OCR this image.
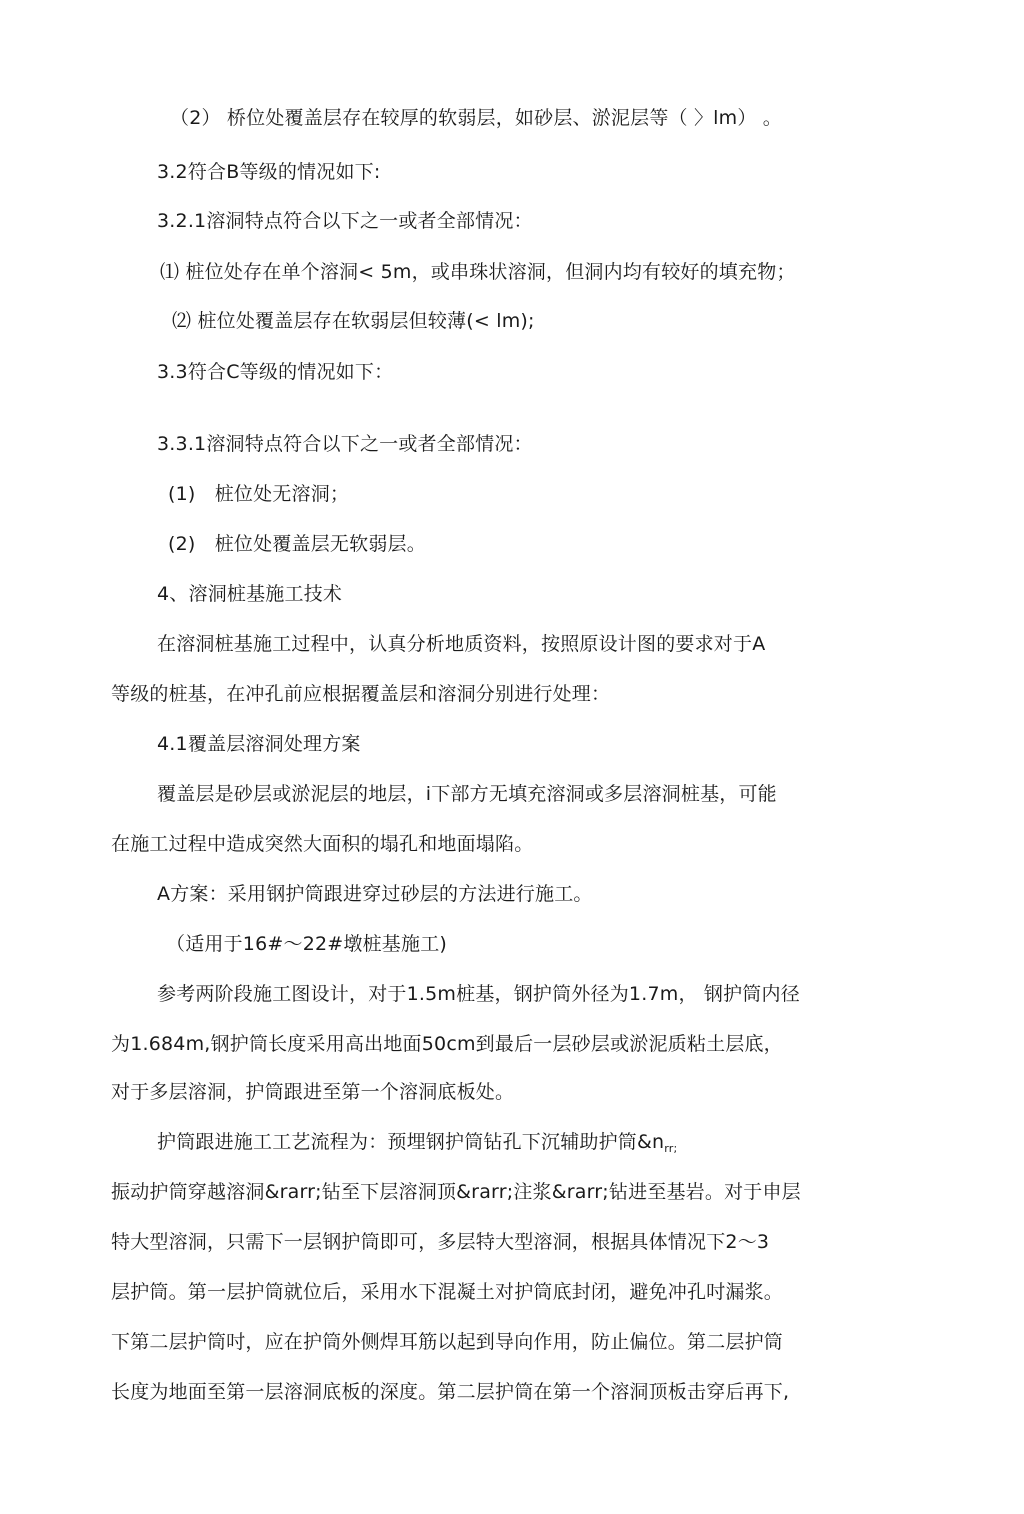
（2） 桥位处覆盖层存在较厚的软弱层，如砂层、淤泥层等（ 〉lm） 。
3.2符合B等级的情况如下:
3.2.1溶洞特点符合以下之一或者全部情况：
⑴ 桩位处存在单个溶洞< 5m，或串珠状溶洞，但洞内均有较好的填充物；
⑵ 桩位处覆盖层存在软弱层但较薄(< lm);
3.3符合C等级的情况如下：
3.3.1溶洞特点符合以下之一或者全部情况：
(1)　桩位处无溶洞；
(2)　桩位处覆盖层无软弱层。
4、溶洞桩基施工技术
在溶洞桩基施工过程中，认真分析地质资料，按照原设计图的要求对于A
等级的桩基，在冲孔前应根据覆盖层和溶洞分别进行处理：
4.1覆盖层溶洞处理方案
覆盖层是砂层或淤泥层的地层，i下部方无填充溶洞或多层溶洞桩基，可能
在施工过程中造成突然大面积的塌孔和地面塌陷。
A方案：采用钢护筒跟进穿过砂层的方法进行施工。
（适用于16#～22#墩桩基施工)
参考两阶段施工图设计，对于1.5m桩基，钢护筒外径为1.7m， 钢护筒内径
为1.684m,钢护筒长度采用高出地面50cm到最后一层砂层或淤泥质粘土层底，
对于多层溶洞，护筒跟进至第一个溶洞底板处。
护筒跟进施工工艺流程为：预埋钢护筒钻孔下沉辅助护筒$\&n_{rr;}$
振动护筒穿越溶洞&rarr;钻至下层溶洞顶&rarr;注浆&rarr;钻进至基岩。对于申层
特大型溶洞，只需下一层钢护筒即可，多层特大型溶洞，根据具体情况下2～3
层护筒。第一层护筒就位后，采用水下混凝土对护筒底封闭，避免冲孔吋漏浆。
下第二层护筒吋，应在护筒外侧焊耳筋以起到导向作用，防止偏位。第二层护筒
长度为地面至第一层溶洞底板的深度。第二层护筒在第一个溶洞顶板击穿后再下,
